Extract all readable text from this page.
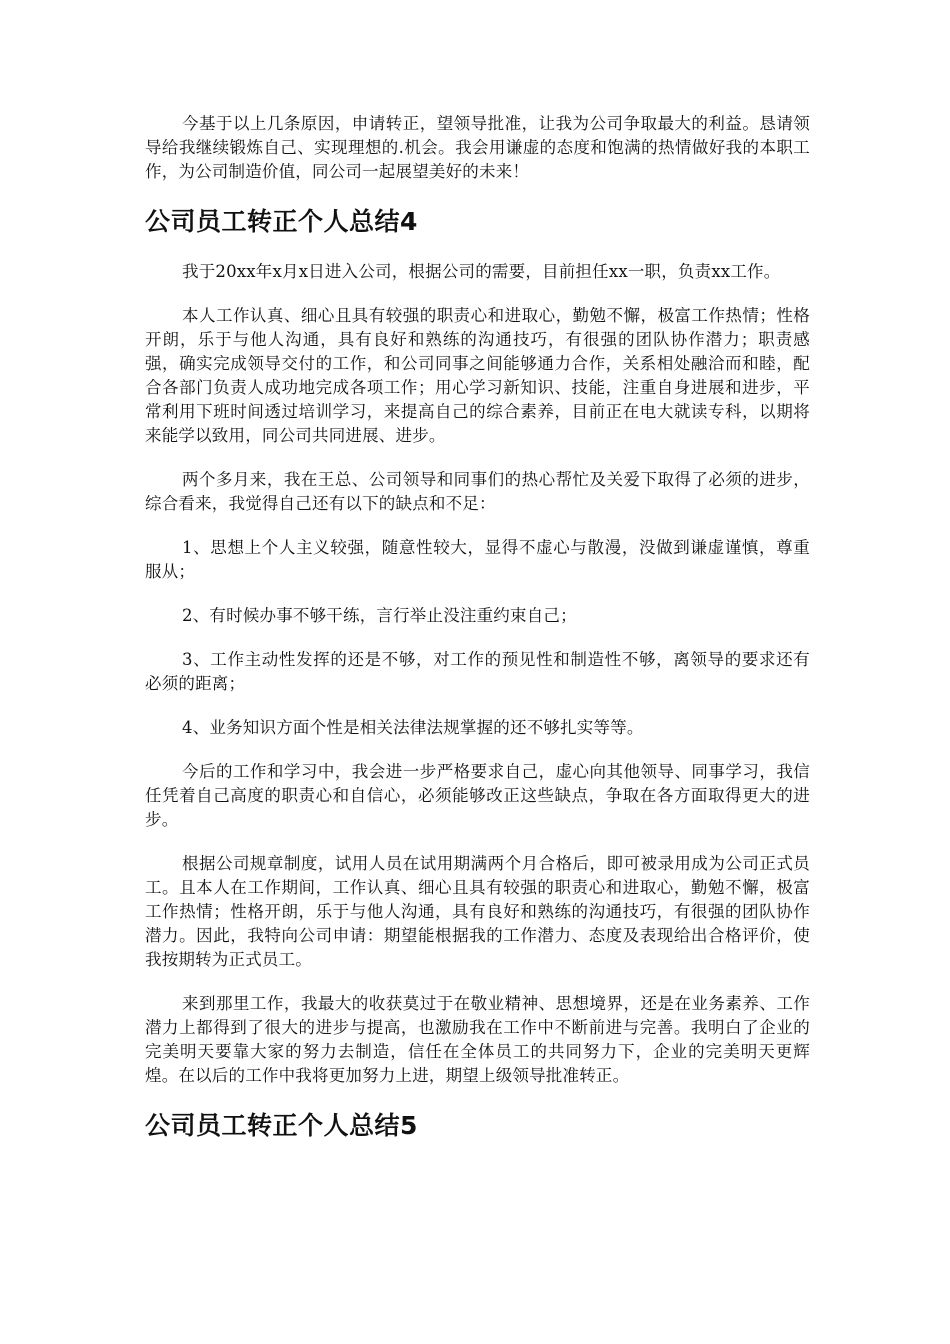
今基于以上几条原因，申请转正，望领导批准，让我为公司争取最大的利益。恳请领导给我继续锻炼自己、实现理想的.机会。我会用谦虚的态度和饱满的热情做好我的本职工作，为公司制造价值，同公司一起展望美好的未来！

公司员工转正个人总结4

我于20xx年x月x日进入公司，根据公司的需要，目前担任xx一职，负责xx工作。

本人工作认真、细心且具有较强的职责心和进取心，勤勉不懈，极富工作热情；性格开朗，乐于与他人沟通，具有良好和熟练的沟通技巧，有很强的团队协作潜力；职责感强，确实完成领导交付的工作，和公司同事之间能够通力合作，关系相处融洽而和睦，配合各部门负责人成功地完成各项工作；用心学习新知识、技能，注重自身进展和进步，平常利用下班时间透过培训学习，来提高自己的综合素养，目前正在电大就读专科，以期将来能学以致用，同公司共同进展、进步。

两个多月来，我在王总、公司领导和同事们的热心帮忙及关爱下取得了必须的进步，综合看来，我觉得自己还有以下的缺点和不足：

1、思想上个人主义较强，随意性较大，显得不虚心与散漫，没做到谦虚谨慎，尊重服从；

2、有时候办事不够干练，言行举止没注重约束自己；

3、工作主动性发挥的还是不够，对工作的预见性和制造性不够，离领导的要求还有必须的距离；

4、业务知识方面个性是相关法律法规掌握的还不够扎实等等。

今后的工作和学习中，我会进一步严格要求自己，虚心向其他领导、同事学习，我信任凭着自己高度的职责心和自信心，必须能够改正这些缺点，争取在各方面取得更大的进步。

根据公司规章制度，试用人员在试用期满两个月合格后，即可被录用成为公司正式员工。且本人在工作期间，工作认真、细心且具有较强的职责心和进取心，勤勉不懈，极富工作热情；性格开朗，乐于与他人沟通，具有良好和熟练的沟通技巧，有很强的团队协作潜力。因此，我特向公司申请：期望能根据我的工作潜力、态度及表现给出合格评价，使我按期转为正式员工。

来到那里工作，我最大的收获莫过于在敬业精神、思想境界，还是在业务素养、工作潜力上都得到了很大的进步与提高，也激励我在工作中不断前进与完善。我明白了企业的完美明天要靠大家的努力去制造，信任在全体员工的共同努力下，企业的完美明天更辉煌。在以后的工作中我将更加努力上进，期望上级领导批准转正。

公司员工转正个人总结5
